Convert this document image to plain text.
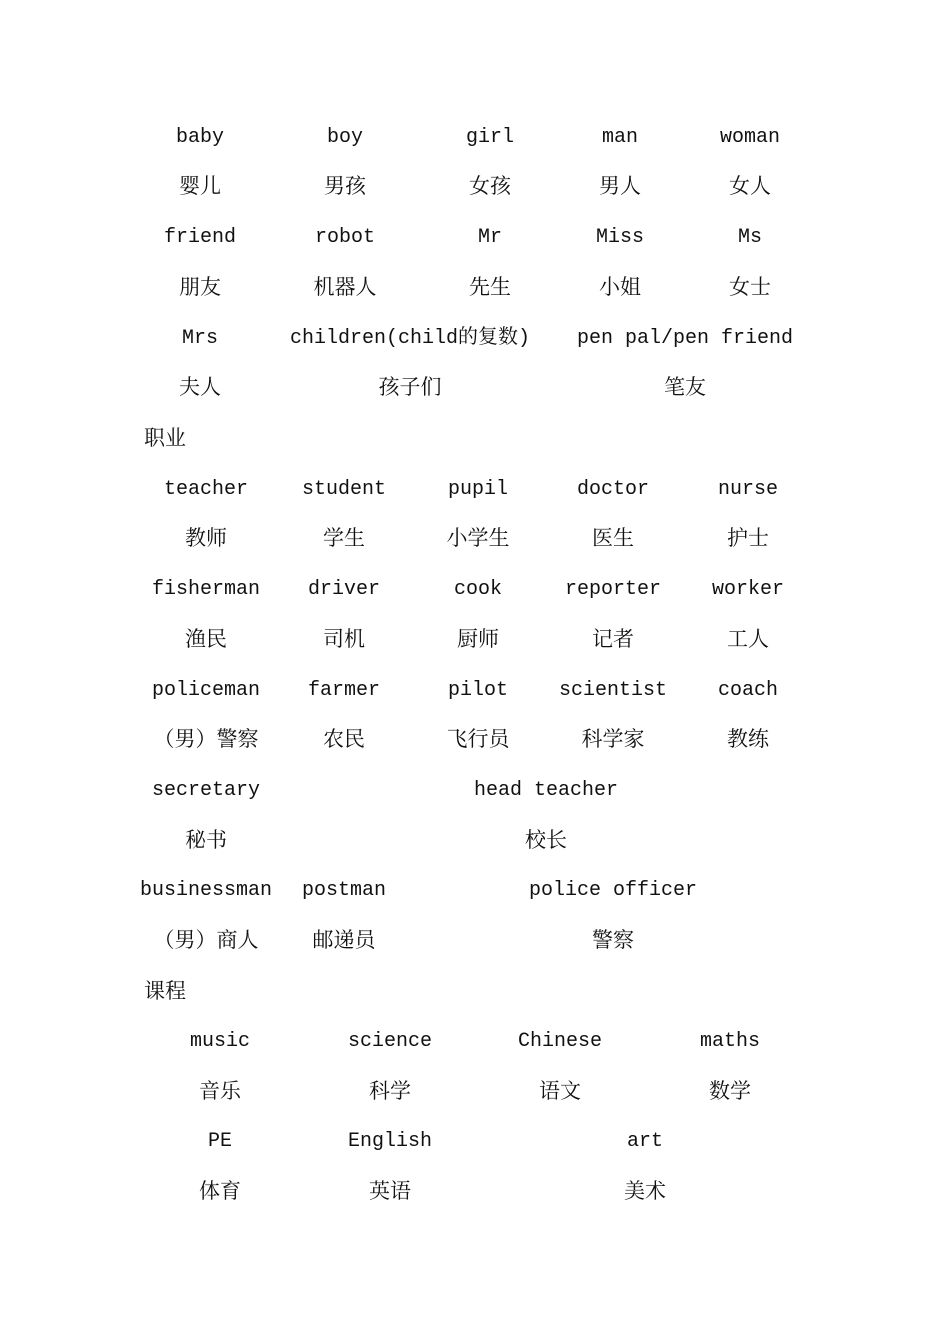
baby	boy	girl	man	woman
婴儿	男孩	女孩	男人	女人
friend	robot	Mr	Miss	Ms
朋友	机器人	先生	小姐	女士
Mrs	children(child的复数) pen pal/pen friend
夫人	孩子们	笔友
职业
teacher	student	pupil	doctor	nurse
教师	学生	小学生	医生	护士
fisherman driver	cook	reporter	worker
渔民	司机	厨师	记者	工人
policeman farmer	pilot	scientist	coach
（男）警察	农民	飞行员	科学家	教练
secretary	head teacher
秘书	校长
businessman postman	police officer
（男）商人	邮递员	警察
课程
music	science	Chinese	maths
音乐	科学	语文	数学
PE	English	art
体育	英语	美术
